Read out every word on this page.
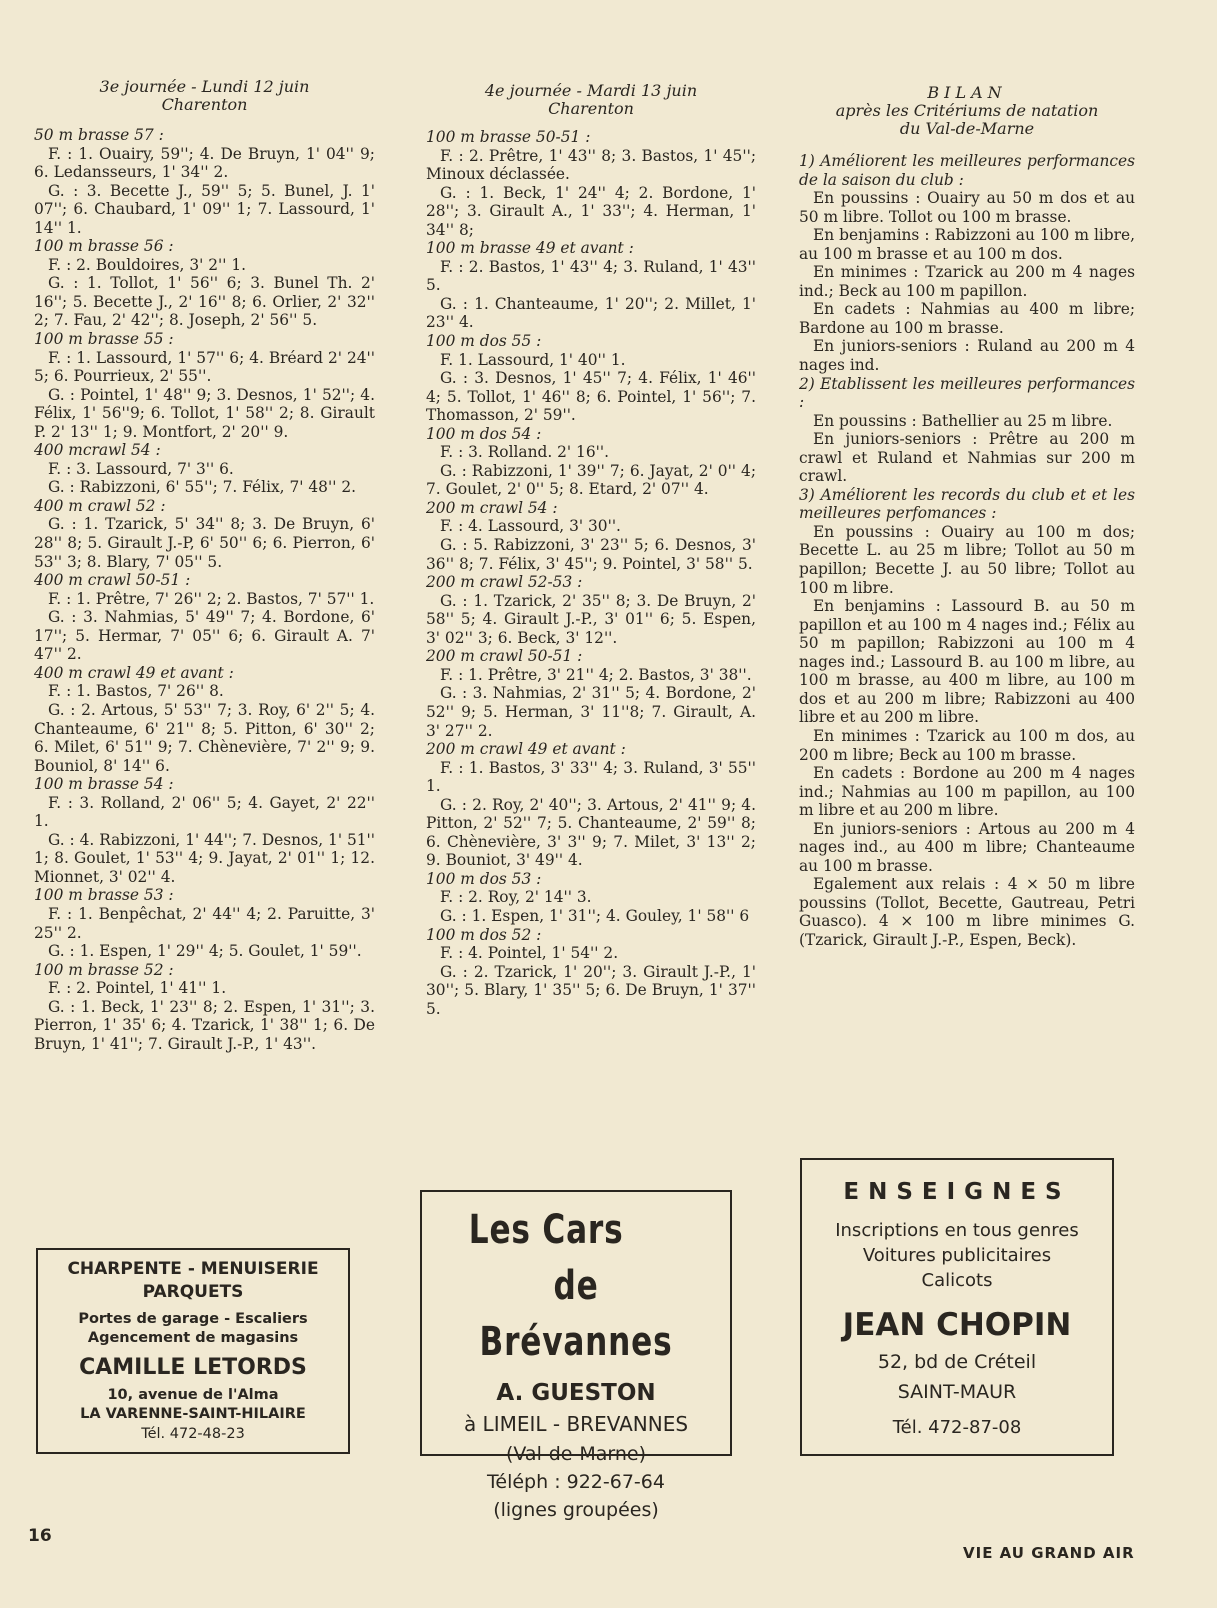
3e journée - Lundi 12 juin
Charenton

50 m brasse 57 :

F. : 1. Ouairy, 59''; 4. De Bruyn, 1' 04'' 9; 6. Ledansseurs, 1' 34'' 2.

G. : 3. Becette J., 59'' 5; 5. Bunel, J. 1' 07''; 6. Chaubard, 1' 09'' 1; 7. Lassourd, 1' 14'' 1.

100 m brasse 56 :

F. : 2. Bouldoires, 3' 2'' 1.

G. : 1. Tollot, 1' 56'' 6; 3. Bunel Th. 2' 16''; 5. Becette J., 2' 16'' 8; 6. Orlier, 2' 32'' 2; 7. Fau, 2' 42''; 8. Joseph, 2' 56'' 5.

100 m brasse 55 :

F. : 1. Lassourd, 1' 57'' 6; 4. Bréard 2' 24'' 5; 6. Pourrieux, 2' 55''.

G. : Pointel, 1' 48'' 9; 3. Desnos, 1' 52''; 4. Félix, 1' 56''9; 6. Tollot, 1' 58'' 2; 8. Girault P. 2' 13'' 1; 9. Montfort, 2' 20'' 9.

400 mcrawl 54 :

F. : 3. Lassourd, 7' 3'' 6.

G. : Rabizzoni, 6' 55''; 7. Félix, 7' 48'' 2.

400 m crawl 52 :

G. : 1. Tzarick, 5' 34'' 8; 3. De Bruyn, 6' 28'' 8; 5. Girault J.-P, 6' 50'' 6; 6. Pierron, 6' 53'' 3; 8. Blary, 7' 05'' 5.

400 m crawl 50-51 :

F. : 1. Prêtre, 7' 26'' 2; 2. Bastos, 7' 57'' 1.

G. : 3. Nahmias, 5' 49'' 7; 4. Bordone, 6' 17''; 5. Hermar, 7' 05'' 6; 6. Girault A. 7' 47'' 2.

400 m crawl 49 et avant :

F. : 1. Bastos, 7' 26'' 8.

G. : 2. Artous, 5' 53'' 7; 3. Roy, 6' 2'' 5; 4. Chanteaume, 6' 21'' 8; 5. Pitton, 6' 30'' 2; 6. Milet, 6' 51'' 9; 7. Chènevière, 7' 2'' 9; 9. Bouniol, 8' 14'' 6.

100 m brasse 54 :

F. : 3. Rolland, 2' 06'' 5; 4. Gayet, 2' 22'' 1.

G. : 4. Rabizzoni, 1' 44''; 7. Desnos, 1' 51'' 1; 8. Goulet, 1' 53'' 4; 9. Jayat, 2' 01'' 1; 12. Mionnet, 3' 02'' 4.

100 m brasse 53 :

F. : 1. Benpêchat, 2' 44'' 4; 2. Paruitte, 3' 25'' 2.

G. : 1. Espen, 1' 29'' 4; 5. Goulet, 1' 59''.

100 m brasse 52 :

F. : 2. Pointel, 1' 41'' 1.

G. : 1. Beck, 1' 23'' 8; 2. Espen, 1' 31''; 3. Pierron, 1' 35' 6; 4. Tzarick, 1' 38'' 1; 6. De Bruyn, 1' 41''; 7. Girault J.-P., 1' 43''.

4e journée - Mardi 13 juin
Charenton

100 m brasse 50-51 :

F. : 2. Prêtre, 1' 43'' 8; 3. Bastos, 1' 45''; Minoux déclassée.

G. : 1. Beck, 1' 24'' 4; 2. Bordone, 1' 28''; 3. Girault A., 1' 33''; 4. Herman, 1' 34'' 8;

100 m brasse 49 et avant :

F. : 2. Bastos, 1' 43'' 4; 3. Ruland, 1' 43'' 5.

G. : 1. Chanteaume, 1' 20''; 2. Millet, 1' 23'' 4.

100 m dos 55 :

F. 1. Lassourd, 1' 40'' 1.

G. : 3. Desnos, 1' 45'' 7; 4. Félix, 1' 46'' 4; 5. Tollot, 1' 46'' 8; 6. Pointel, 1' 56''; 7. Thomasson, 2' 59''.

100 m dos 54 :

F. : 3. Rolland. 2' 16''.

G. : Rabizzoni, 1' 39'' 7; 6. Jayat, 2' 0'' 4; 7. Goulet, 2' 0'' 5; 8. Etard, 2' 07'' 4.

200 m crawl 54 :

F. : 4. Lassourd, 3' 30''.

G. : 5. Rabizzoni, 3' 23'' 5; 6. Desnos, 3' 36'' 8; 7. Félix, 3' 45''; 9. Pointel, 3' 58'' 5.

200 m crawl 52-53 :

G. : 1. Tzarick, 2' 35'' 8; 3. De Bruyn, 2' 58'' 5; 4. Girault J.-P., 3' 01'' 6; 5. Espen, 3' 02'' 3; 6. Beck, 3' 12''.

200 m crawl 50-51 :

F. : 1. Prêtre, 3' 21'' 4; 2. Bastos, 3' 38''.

G. : 3. Nahmias, 2' 31'' 5; 4. Bordone, 2' 52'' 9; 5. Herman, 3' 11''8; 7. Girault, A. 3' 27'' 2.

200 m crawl 49 et avant :

F. : 1. Bastos, 3' 33'' 4; 3. Ruland, 3' 55'' 1.

G. : 2. Roy, 2' 40''; 3. Artous, 2' 41'' 9; 4. Pitton, 2' 52'' 7; 5. Chanteaume, 2' 59'' 8; 6. Chènevière, 3' 3'' 9; 7. Milet, 3' 13'' 2; 9. Bouniot, 3' 49'' 4.

100 m dos 53 :

F. : 2. Roy, 2' 14'' 3.

G. : 1. Espen, 1' 31''; 4. Gouley, 1' 58'' 6

100 m dos 52 :

F. : 4. Pointel, 1' 54'' 2.

G. : 2. Tzarick, 1' 20''; 3. Girault J.-P., 1' 30''; 5. Blary, 1' 35'' 5; 6. De Bruyn, 1' 37'' 5.

BILAN
après les Critériums de natation
du Val-de-Marne

1) Améliorent les meilleures performances de la saison du club :

En poussins : Ouairy au 50 m dos et au 50 m libre. Tollot ou 100 m brasse.

En benjamins : Rabizzoni au 100 m libre, au 100 m brasse et au 100 m dos.

En minimes : Tzarick au 200 m 4 nages ind.; Beck au 100 m papillon.

En cadets : Nahmias au 400 m libre; Bardone au 100 m brasse.

En juniors-seniors : Ruland au 200 m 4 nages ind.

2) Etablissent les meilleures performances :

En poussins : Bathellier au 25 m libre.

En juniors-seniors : Prêtre au 200 m crawl et Ruland et Nahmias sur 200 m crawl.

3) Améliorent les records du club et et les meilleures perfomances :

En poussins : Ouairy au 100 m dos; Becette L. au 25 m libre; Tollot au 50 m papillon; Becette J. au 50 libre; Tollot au 100 m libre.

En benjamins : Lassourd B. au 50 m papillon et au 100 m 4 nages ind.; Félix au 50 m papillon; Rabizzoni au 100 m 4 nages ind.; Lassourd B. au 100 m libre, au 100 m brasse, au 400 m libre, au 100 m dos et au 200 m libre; Rabizzoni au 400 libre et au 200 m libre.

En minimes : Tzarick au 100 m dos, au 200 m libre; Beck au 100 m brasse.

En cadets : Bordone au 200 m 4 nages ind.; Nahmias au 100 m papillon, au 100 m libre et au 200 m libre.

En juniors-seniors : Artous au 200 m 4 nages ind., au 400 m libre; Chanteaume au 100 m brasse.

Egalement aux relais : 4 × 50 m libre poussins (Tollot, Becette, Gautreau, Petri Guasco). 4 × 100 m libre minimes G. (Tzarick, Girault J.-P., Espen, Beck).

CHARPENTE - MENUISERIE
PARQUETS
Portes de garage - Escaliers
Agencement de magasins
CAMILLE LETORDS
10, avenue de l'Alma
LA VARENNE-SAINT-HILAIRE
Tél. 472-48-23
Les Cars
de Brévannes
A. GUESTON
à LIMEIL - BREVANNES
(Val-de-Marne)
Téléph : 922-67-64
(lignes groupées)
ENSEIGNES
Inscriptions en tous genres
Voitures publicitaires
Calicots
JEAN CHOPIN
52, bd de Créteil
SAINT-MAUR
Tél. 472-87-08
16
VIE AU GRAND AIR
